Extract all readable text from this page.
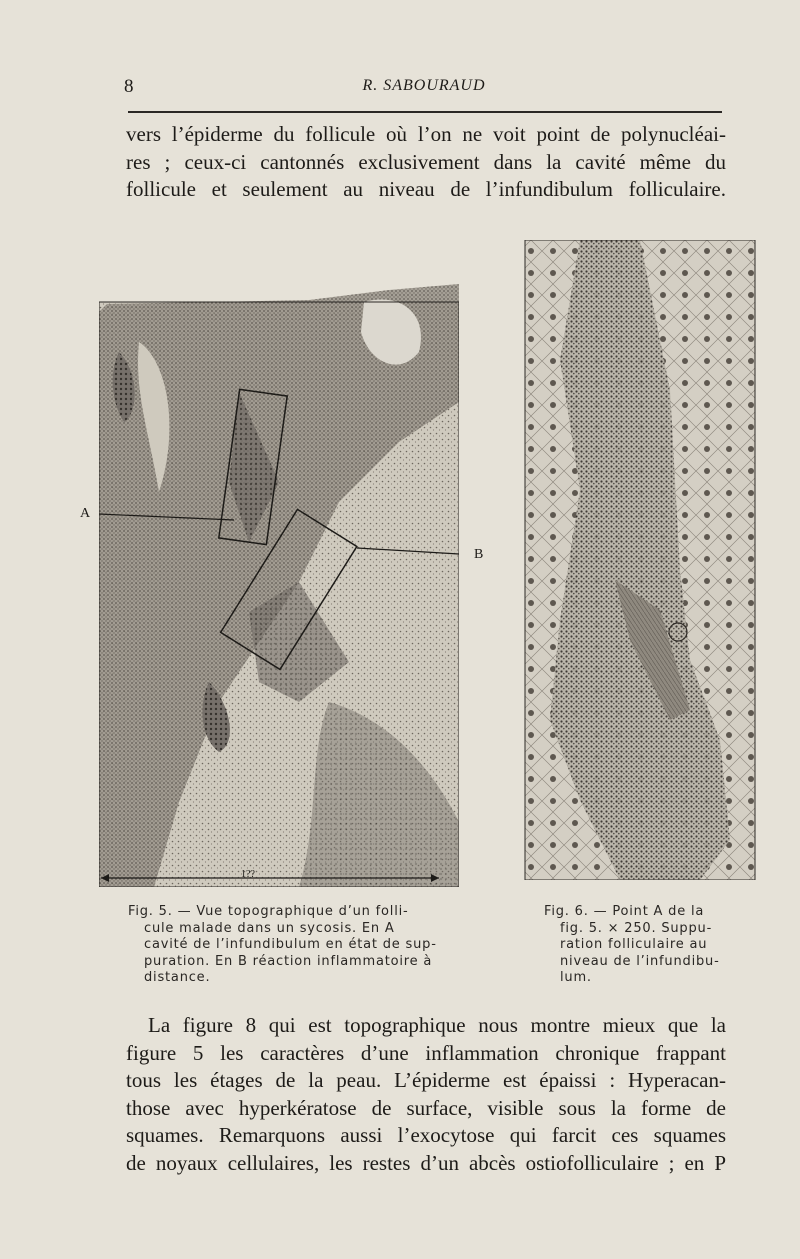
8	R. SABOURAUD
vers l’épiderme du follicule où l’on ne voit point de polynucléai-
res ; ceux-ci cantonnés exclusivement dans la cavité même du
follicule et seulement au niveau de l’infundibulum folliculaire.
A
B
1??
Fig. 5. — Vue topographique d’un folli-
cule malade dans un sycosis. En A
cavité de l’infundibulum en état de sup-
puration. En B réaction inflammatoire à
distance.
Fig. 6. — Point A de la
fig. 5. × 250. Suppu-
ration folliculaire au
niveau de l’infundibu-
lum.
La figure 8 qui est topographique nous montre mieux que la
figure 5 les caractères d’une inflammation chronique frappant
tous les étages de la peau. L’épiderme est épaissi : Hyperacan-
those avec hyperkératose de surface, visible sous la forme de
squames. Remarquons aussi l’exocytose qui farcit ces squames
de noyaux cellulaires, les restes d’un abcès ostiofolliculaire ; en P
